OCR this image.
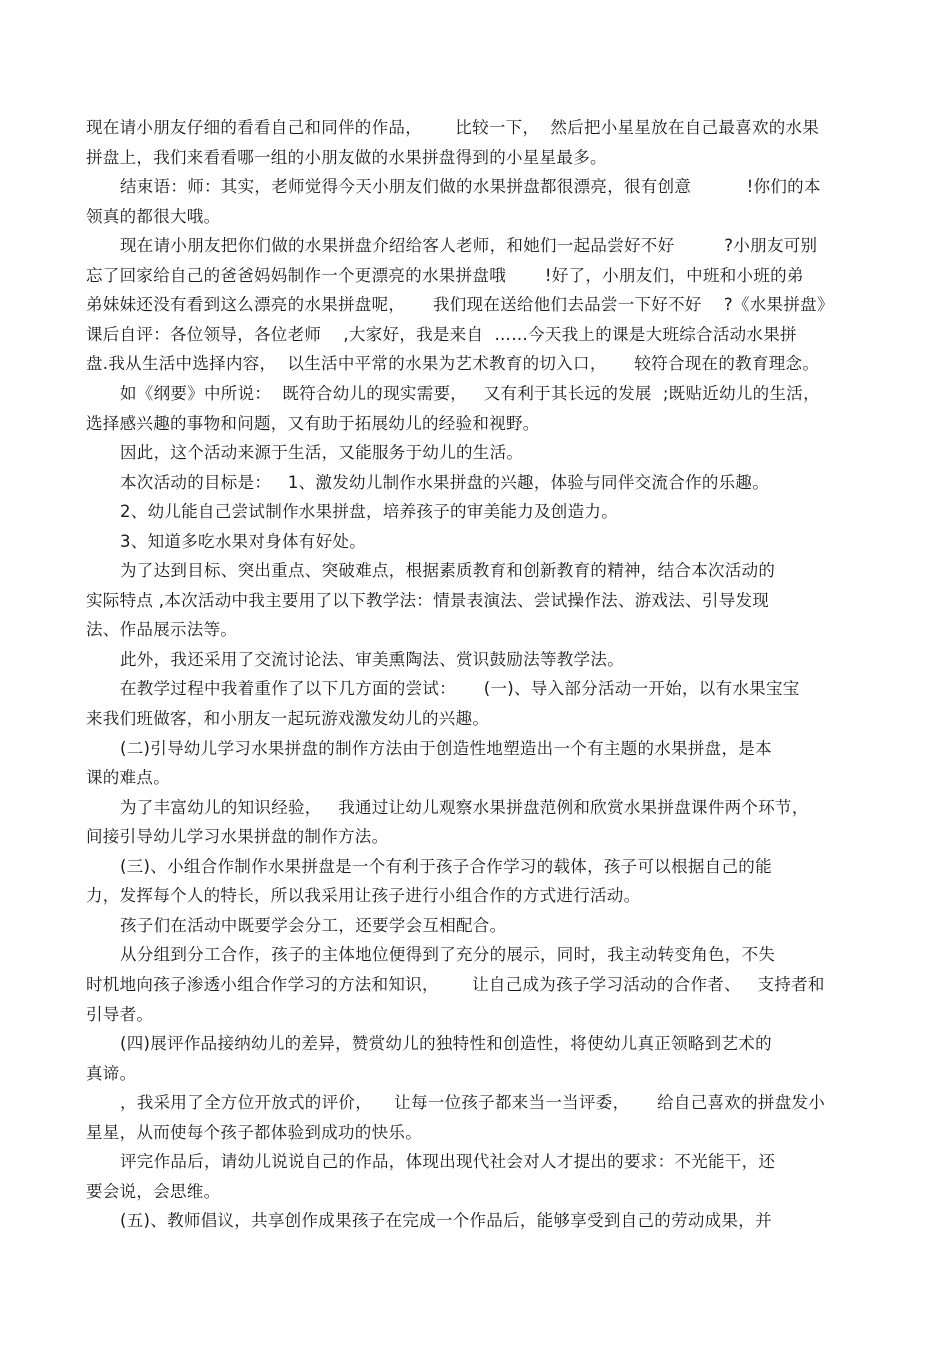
现在请小朋友仔细的看看自己和同伴的作品，      比较一下，  然后把小星星放在自己最喜欢的水果

拼盘上，我们来看看哪一组的小朋友做的水果拼盘得到的小星星最多。

结束语：师：其实，老师觉得今天小朋友们做的水果拼盘都很漂亮，很有创意          !你们的本

领真的都很大哦。

现在请小朋友把你们做的水果拼盘介绍给客人老师，和她们一起品尝好不好         ?小朋友可别

忘了回家给自己的爸爸妈妈制作一个更漂亮的水果拼盘哦       !好了，小朋友们，中班和小班的弟

弟妹妹还没有看到这么漂亮的水果拼盘呢，     我们现在送给他们去品尝一下好不好    ?《水果拼盘》

课后自评：各位领导，各位老师    ,大家好，我是来自  ……今天我上的课是大班综合活动水果拼

盘.我从生活中选择内容，  以生活中平常的水果为艺术教育的切入口，     较符合现在的教育理念。

如《纲要》中所说：  既符合幼儿的现实需要，   又有利于其长远的发展  ;既贴近幼儿的生活，

选择感兴趣的事物和问题，又有助于拓展幼儿的经验和视野。

因此，这个活动来源于生活，又能服务于幼儿的生活。

本次活动的目标是：   1、激发幼儿制作水果拼盘的兴趣，体验与同伴交流合作的乐趣。

2、幼儿能自己尝试制作水果拼盘，培养孩子的审美能力及创造力。

3、知道多吃水果对身体有好处。

为了达到目标、突出重点、突破难点，根据素质教育和创新教育的精神，结合本次活动的

实际特点 ,本次活动中我主要用了以下教学法：情景表演法、尝试操作法、游戏法、引导发现

法、作品展示法等。

此外，我还采用了交流讨论法、审美熏陶法、赏识鼓励法等教学法。

在教学过程中我着重作了以下几方面的尝试：     (一)、导入部分活动一开始，以有水果宝宝

来我们班做客，和小朋友一起玩游戏激发幼儿的兴趣。

(二)引导幼儿学习水果拼盘的制作方法由于创造性地塑造出一个有主题的水果拼盘，是本

课的难点。

为了丰富幼儿的知识经验，   我通过让幼儿观察水果拼盘范例和欣赏水果拼盘课件两个环节，

间接引导幼儿学习水果拼盘的制作方法。

(三)、小组合作制作水果拼盘是一个有利于孩子合作学习的载体，孩子可以根据自己的能

力，发挥每个人的特长，所以我采用让孩子进行小组合作的方式进行活动。

孩子们在活动中既要学会分工，还要学会互相配合。

从分组到分工合作，孩子的主体地位便得到了充分的展示，同时，我主动转变角色，不失

时机地向孩子渗透小组合作学习的方法和知识，      让自己成为孩子学习活动的合作者、   支持者和

引导者。

(四)展评作品接纳幼儿的差异，赞赏幼儿的独特性和创造性，将使幼儿真正领略到艺术的

真谛。

，我采用了全方位开放式的评价，    让每一位孩子都来当一当评委，     给自己喜欢的拼盘发小

星星，从而使每个孩子都体验到成功的快乐。

评完作品后，请幼儿说说自己的作品，体现出现代社会对人才提出的要求：不光能干，还

要会说，会思维。

(五)、教师倡议，共享创作成果孩子在完成一个作品后，能够享受到自己的劳动成果，并
